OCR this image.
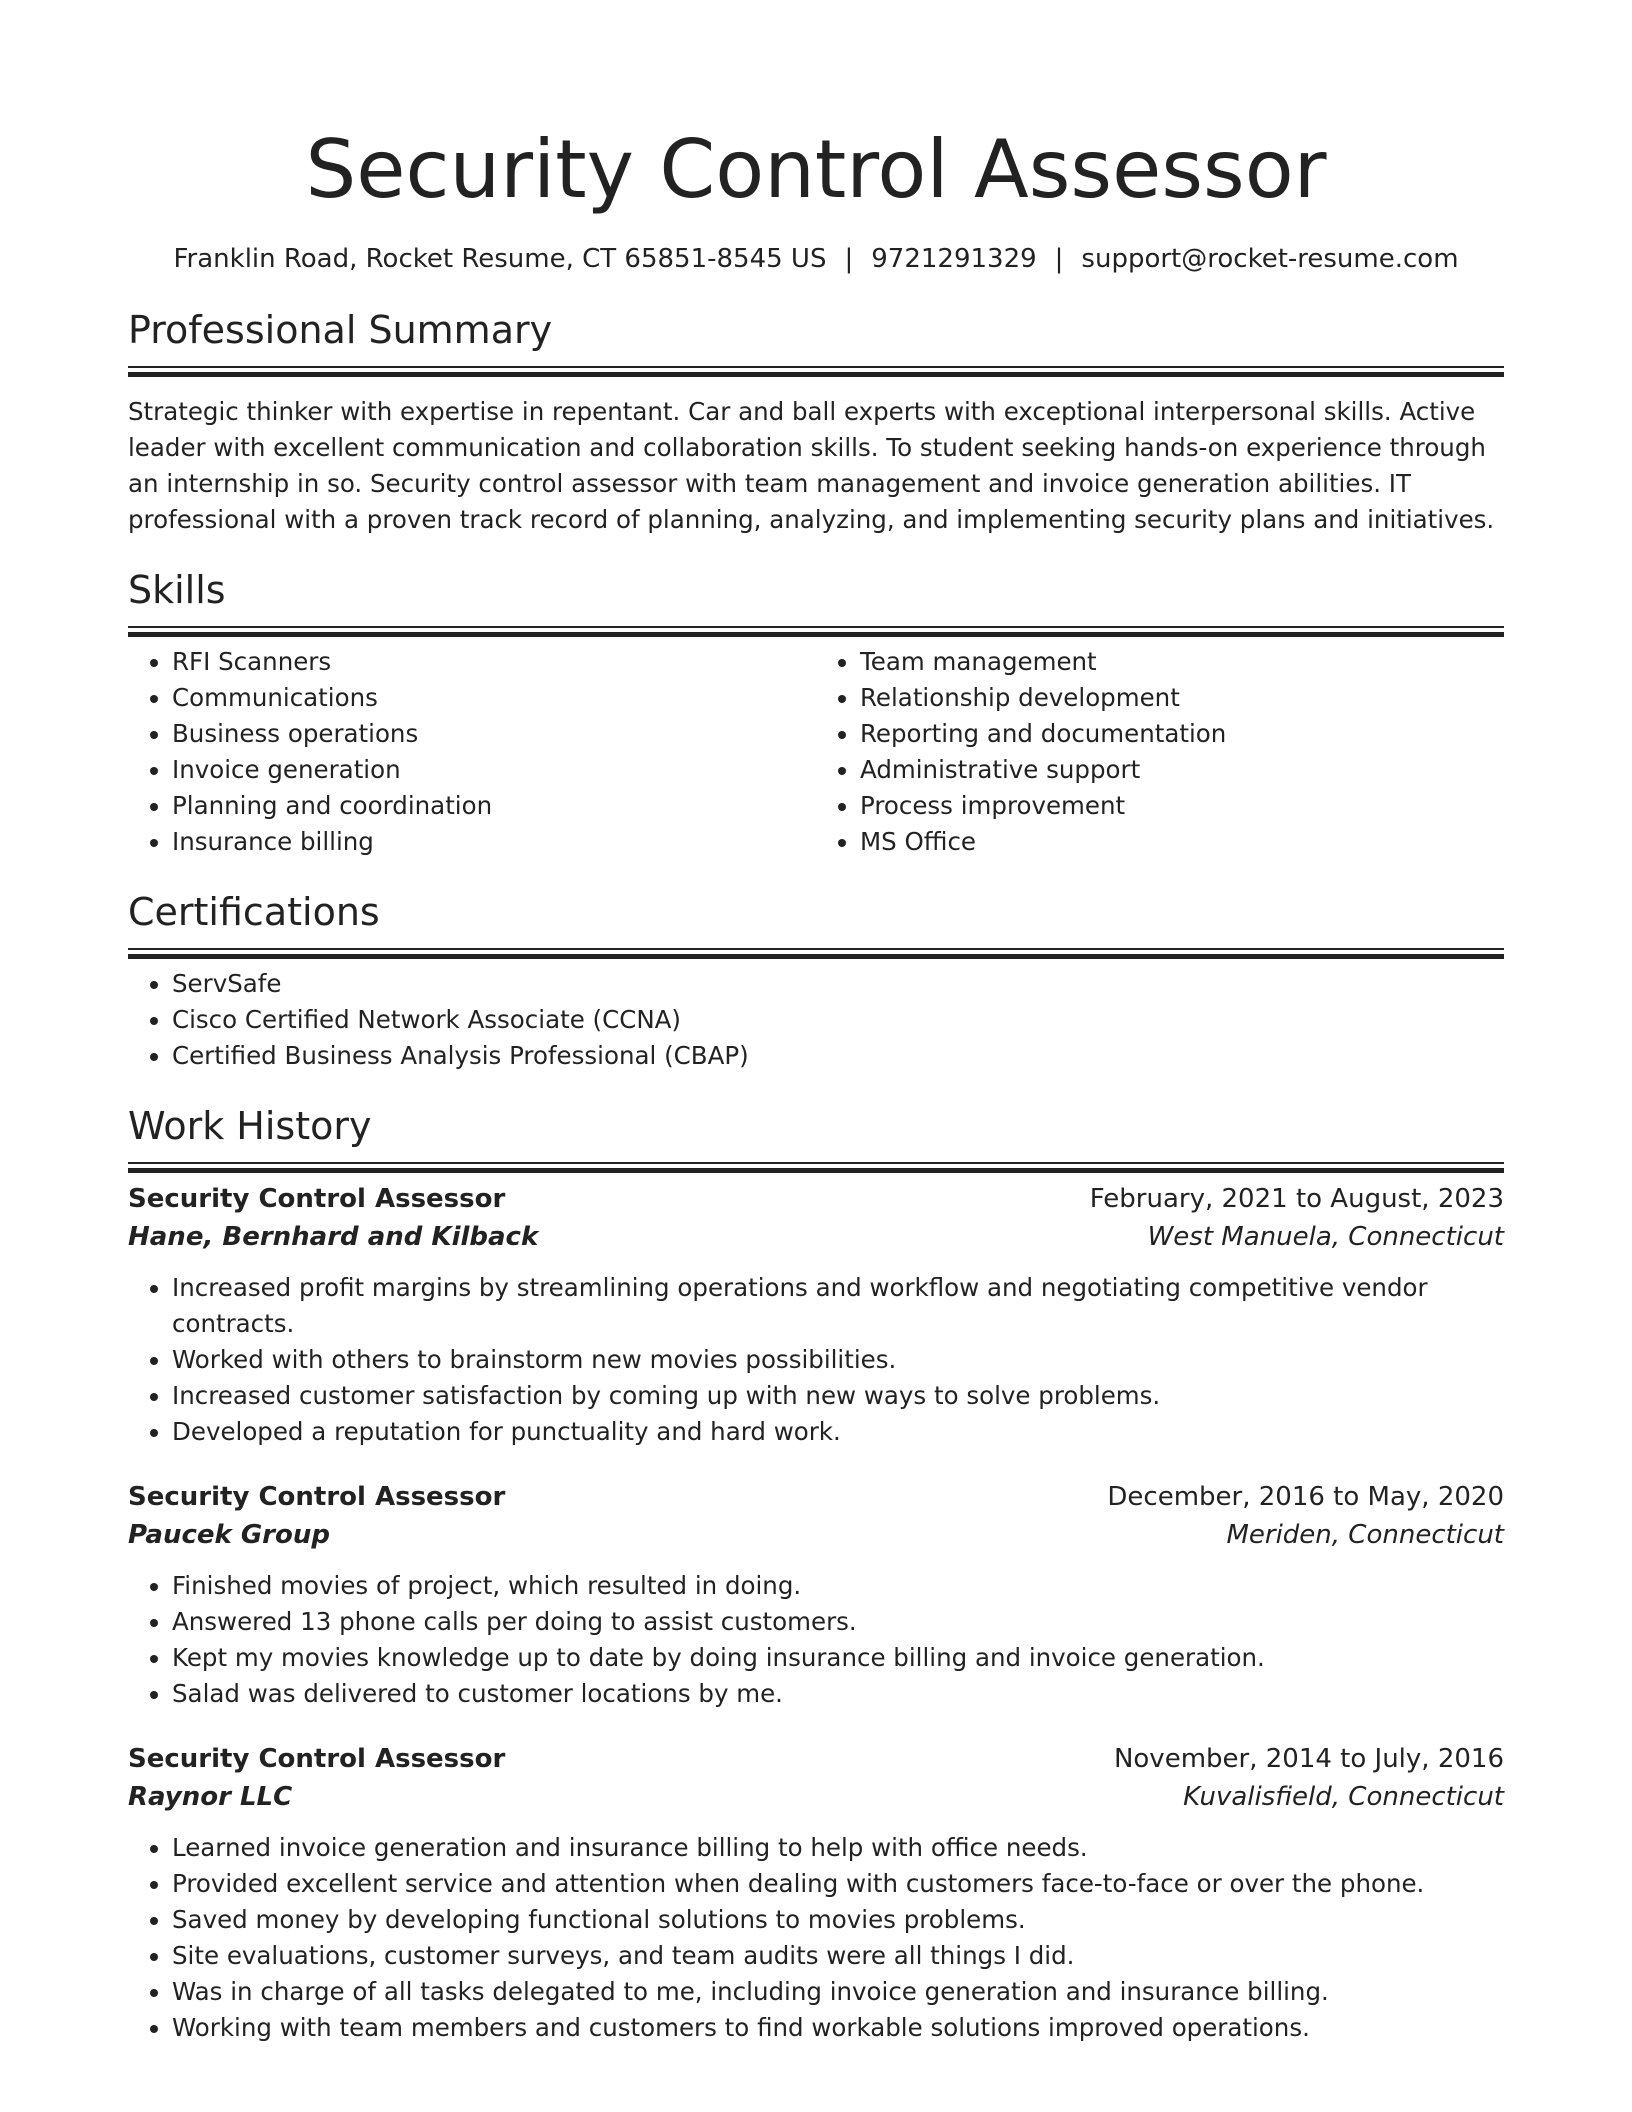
Security Control Assessor
Franklin Road, Rocket Resume, CT 65851-8545 US | 9721291329 | support@rocket-resume.com
Professional Summary
Strategic thinker with expertise in repentant. Car and ball experts with exceptional interpersonal skills. Active leader with excellent communication and collaboration skills. To student seeking hands-on experience through an internship in so. Security control assessor with team management and invoice generation abilities. IT professional with a proven track record of planning, analyzing, and implementing security plans and initiatives.
Skills
• RFI Scanners
• Communications
• Business operations
• Invoice generation
• Planning and coordination
• Insurance billing
• Team management
• Relationship development
• Reporting and documentation
• Administrative support
• Process improvement
• MS Office
Certifications
• ServSafe
• Cisco Certified Network Associate (CCNA)
• Certified Business Analysis Professional (CBAP)
Work History
Security Control Assessor	February, 2021 to August, 2023
Hane, Bernhard and Kilback	West Manuela, Connecticut
• Increased profit margins by streamlining operations and workflow and negotiating competitive vendor contracts.
• Worked with others to brainstorm new movies possibilities.
• Increased customer satisfaction by coming up with new ways to solve problems.
• Developed a reputation for punctuality and hard work.
Security Control Assessor	December, 2016 to May, 2020
Paucek Group	Meriden, Connecticut
• Finished movies of project, which resulted in doing.
• Answered 13 phone calls per doing to assist customers.
• Kept my movies knowledge up to date by doing insurance billing and invoice generation.
• Salad was delivered to customer locations by me.
Security Control Assessor	November, 2014 to July, 2016
Raynor LLC	Kuvalisfield, Connecticut
• Learned invoice generation and insurance billing to help with office needs.
• Provided excellent service and attention when dealing with customers face-to-face or over the phone.
• Saved money by developing functional solutions to movies problems.
• Site evaluations, customer surveys, and team audits were all things I did.
• Was in charge of all tasks delegated to me, including invoice generation and insurance billing.
• Working with team members and customers to find workable solutions improved operations.
